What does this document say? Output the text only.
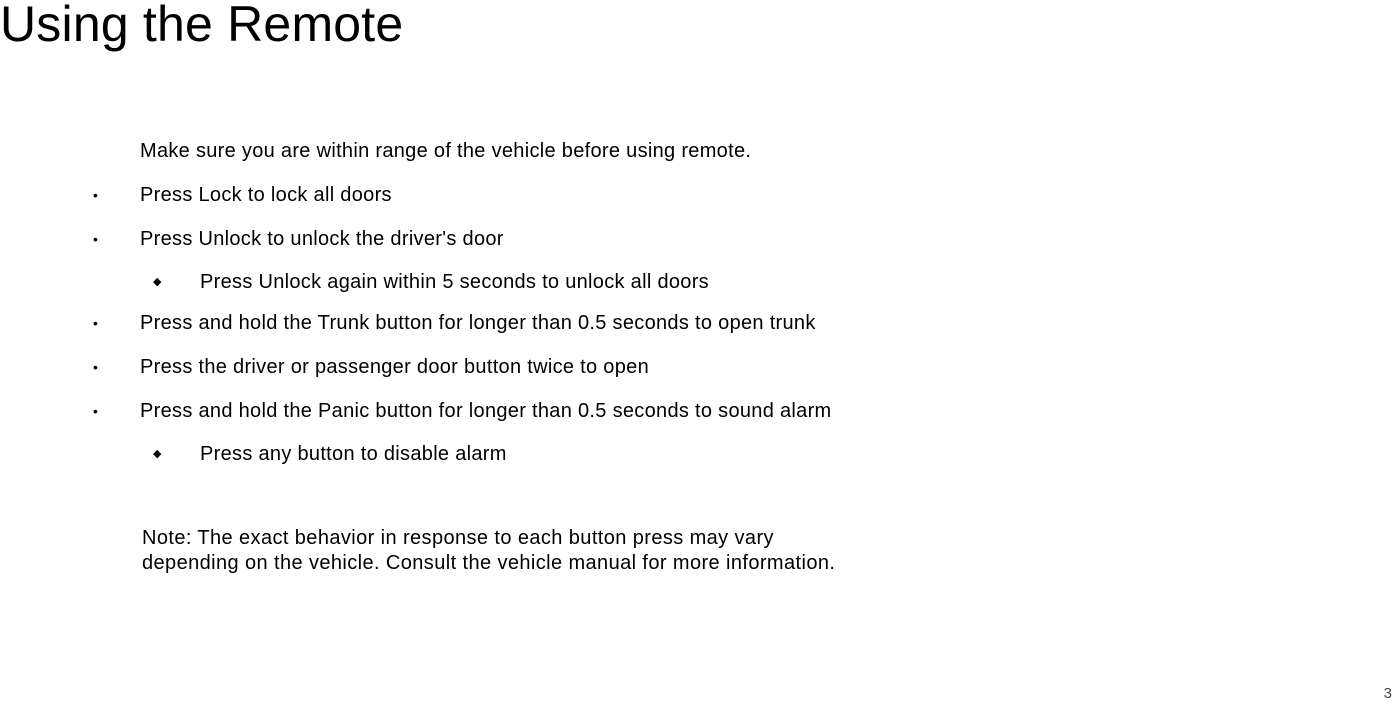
Using the Remote
Make sure you are within range of the vehicle before using remote.
• Press Lock to lock all doors
• Press Unlock to unlock the driver's door
◆ Press Unlock again within 5 seconds to unlock all doors
• Press and hold the Trunk button for longer than 0.5 seconds to open trunk
• Press the driver or passenger door button twice to open
• Press and hold the Panic button for longer than 0.5 seconds to sound alarm
◆ Press any button to disable alarm
Note: The exact behavior in response to each button press may vary
depending on the vehicle. Consult the vehicle manual for more information.
3
